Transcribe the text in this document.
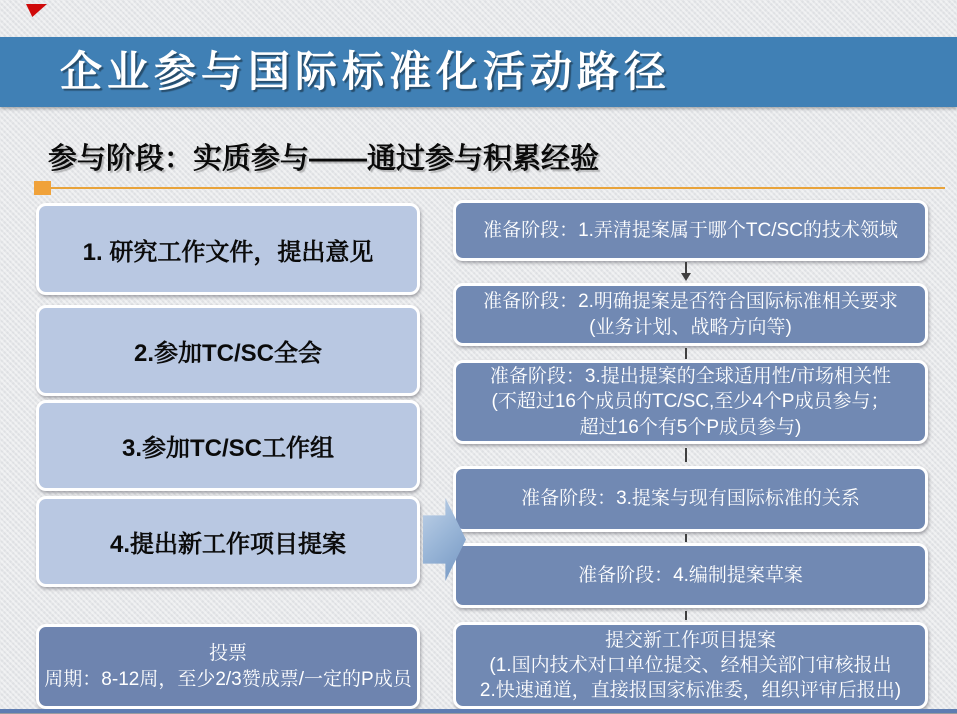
企业参与国际标准化活动路径
参与阶段：实质参与——通过参与积累经验
1. 研究工作文件，提出意见
2.参加TC/SC全会
3.参加TC/SC工作组
4.提出新工作项目提案
投票
周期：8-12周，至少2/3赞成票/一定的P成员
准备阶段：1.弄清提案属于哪个TC/SC的技术领域
准备阶段：2.明确提案是否符合国际标准相关要求
(业务计划、战略方向等)
准备阶段：3.提出提案的全球适用性/市场相关性
(不超过16个成员的TC/SC,至少4个P成员参与；
超过16个有5个P成员参与)
准备阶段：3.提案与现有国际标准的关系
准备阶段：4.编制提案草案
提交新工作项目提案
(1.国内技术对口单位提交、经相关部门审核报出
2.快速通道，直接报国家标准委，组织评审后报出)
